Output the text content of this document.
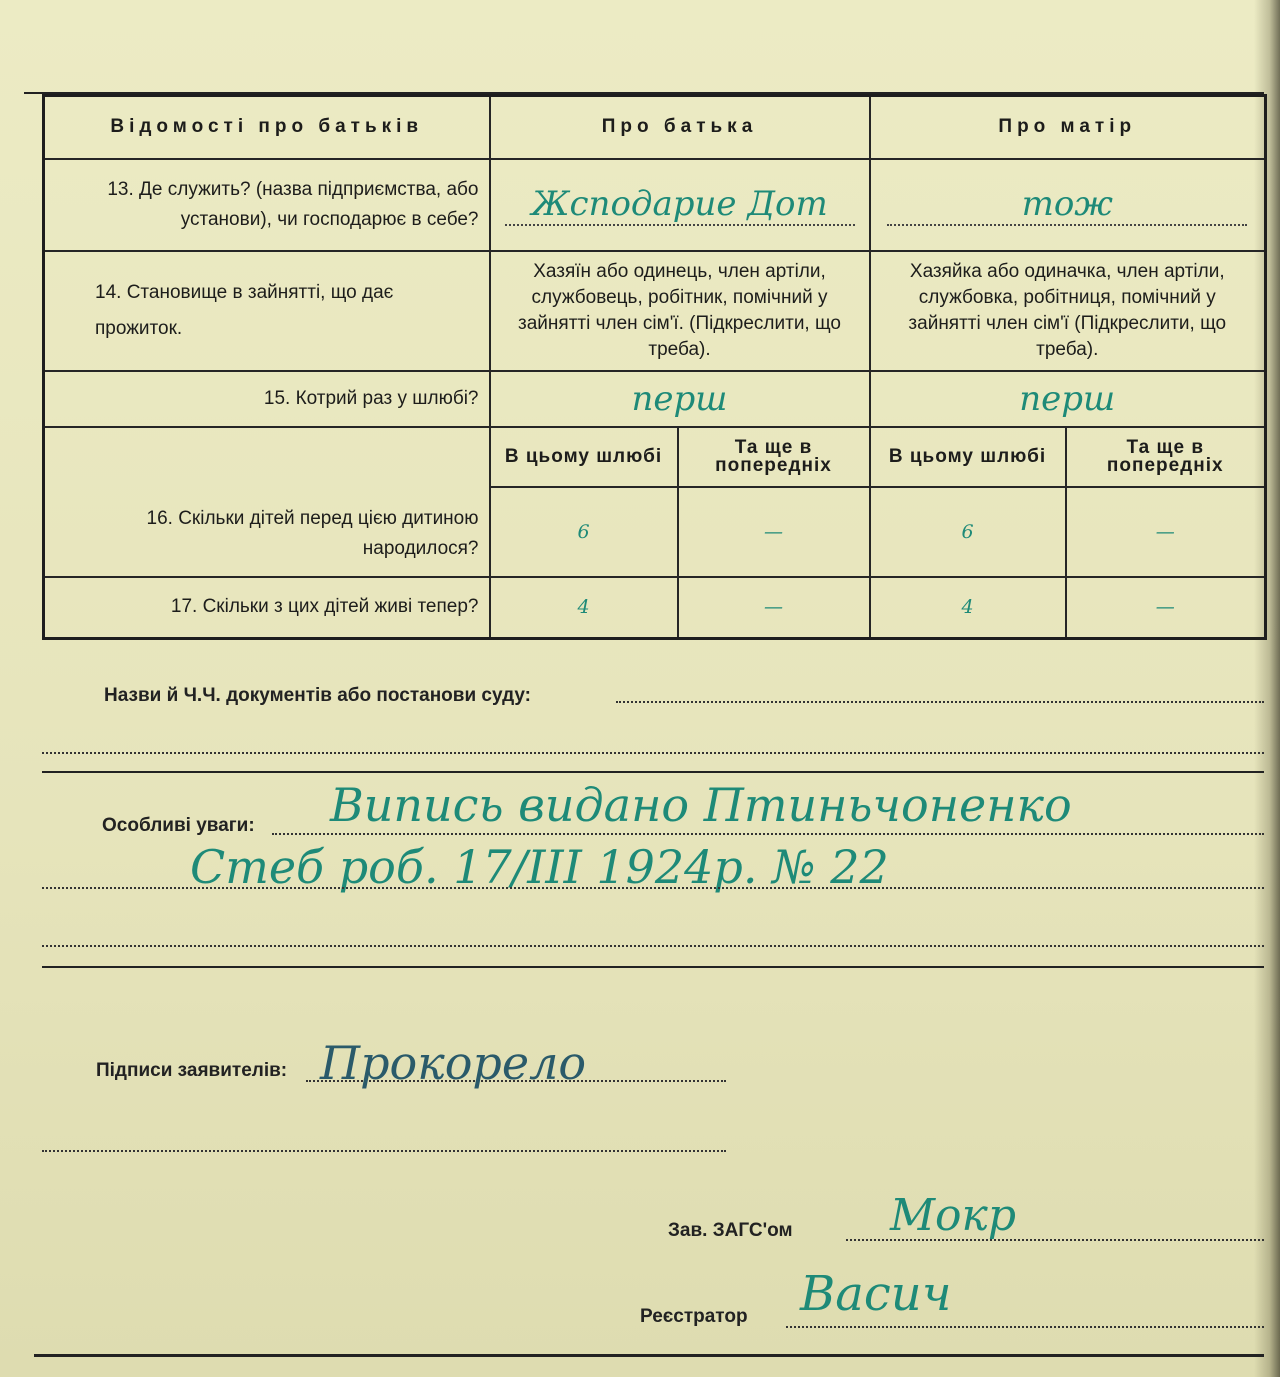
Відомості про батьків	Про батька		Про матір	
13. Де служить? (назва підприємства, або установи), чи господарює в себе?	Жсподарие Дот		тож	
14. Становище в зайнятті, що дає прожиток.	Хазяїн або одинець, член артіли, службовець, робітник, помічний у зайнятті член сім'ї. (Підкреслити, що треба).		Хазяйка або одиначка, член артіли, службовка, робітниця, помічний у зайнятті член сім'ї (Підкреслити, що треба).	
15. Котрий раз у шлюбі?	перш		перш	
16. Скільки дітей перед цією дитиною народилося?	В цьому шлюбі	Та ще в попередніх	В цьому шлюбі	Та ще в попередніх
	6	—	6	—
17. Скільки з цих дітей живі тепер?	4	—	4	—
Назви й Ч.Ч. документів або постанови суду:
Особливі уваги: Випись видано Птиньчоненко
Стеб роб. 17/III 1924р. № 22
Підписи заявителів: Прокорело
Зав. ЗАГС'ом Мокр
Реєстратор Васич
